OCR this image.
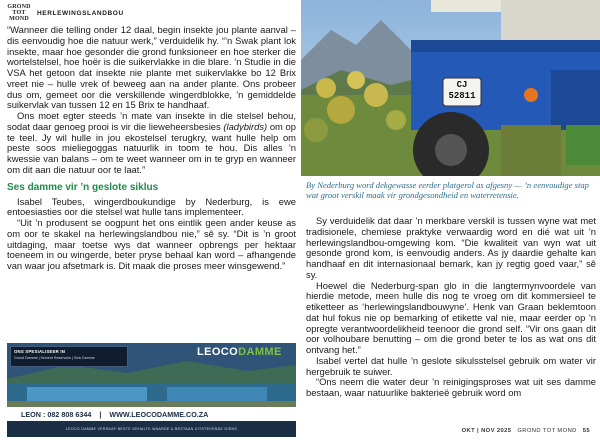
GROND
TOT
MOND
HERLEWINGSLANDBOU

“Wanneer die telling onder 12 daal, begin insekte jou plante aanval – dis eenvoudig hoe die natuur werk,” verduidelik hy. “’n Swak plant lok insekte, maar hoe gesonder die grond funksioneer en hoe sterker die wortelstelsel, hoe hoër is die suikervlakke in die blare. ’n Studie in die VSA het getoon dat insekte nie plante met suikervlakke bo 12 Brix vreet nie – hulle vrek of beweeg aan na ander plante. Ons probeer dus om, gemeet oor die verskillende wingerdblokke, ’n gemiddelde suikervlak van tussen 12 en 15 Brix te handhaaf.

Ons moet egter steeds ’n mate van insekte in die stelsel behou, sodat daar genoeg prooi is vir die lieweheersbesies (ladybirds) om op te teel. Jy wil hulle in jou ekostelsel terugkry, want hulle help om peste soos mieliegoggas natuurlik in toom te hou. Dis alles ’n kwessie van balans – om te weet wanneer om in te gryp en wanneer om dit aan die natuur oor te laat.”

Ses damme vir ’n geslote siklus

Isabel Teubes, wingerdboukundige by Nederburg, is ewe entoesiasties oor die stelsel wat hulle tans implementeer.

“Uit ’n produsent se oogpunt het ons eintlik geen ander keuse as om oor te skakel na herlewingslandbou nie,” sê sy. “Dit is ’n groot uitdaging, maar toetse wys dat wanneer opbrengs per hektaar toeneem in ou wingerde, beter pryse behaal kan word – afhangende van waar jou afsetmark is. Dit maak die proses meer winsgewend.”

CJ
52811
By Nederburg word dekgewasse eerder platgerol as afgesny — ’n eenvoudige stap wat groot verskil maak vir grondgesondheid en waterretensie.

Sy verduidelik dat daar ’n merkbare verskil is tussen wyne wat met tradisionele, chemiese praktyke verwaardig word en dié wat uit ’n herlewingslandbou-omgewing kom. “Die kwaliteit van wyn wat uit gesonde grond kom, is eenvoudig anders. As jy daardie gehalte kan handhaaf en dit internasionaal bemark, kan jy regtig goed vaar,” sê sy.

Hoewel die Nederburg-span glo in die langtermynvoordele van hierdie metode, meen hulle dis nog te vroeg om dit kommersieel te etiketteer as ‘herlewingslandbouwyne’. Henk van Graan beklemtoon dat hul fokus nie op bemarking of etikette val nie, maar eerder op ’n opregte verantwoordelikheid teenoor die grond self. “Vir ons gaan dit oor volhoubare benutting – om die grond beter te los as wat ons dit ontvang het.”

Isabel vertel dat hulle ’n geslote sikulsstelsel gebruik om water vir hergebruik te suiwer.

“Ons neem die water deur ’n reinigingsproses wat uit ses damme bestaan, waar natuurlike bakterieë gebruik word om

ONS SPESIALISEER IN
Grond Damme | Sement Reservoirs | Smk Damme	LEOCODAMME
LEON : 082 808 6344 | WWW.LEOCODAMME.CO.ZA
LEOCO DAMME VERSKAF BESTE GEHALTE WAARDE & BESTAAN UITSTEKENDE DIENS	OKT | NOV 2025 GROND TOT MOND 55
